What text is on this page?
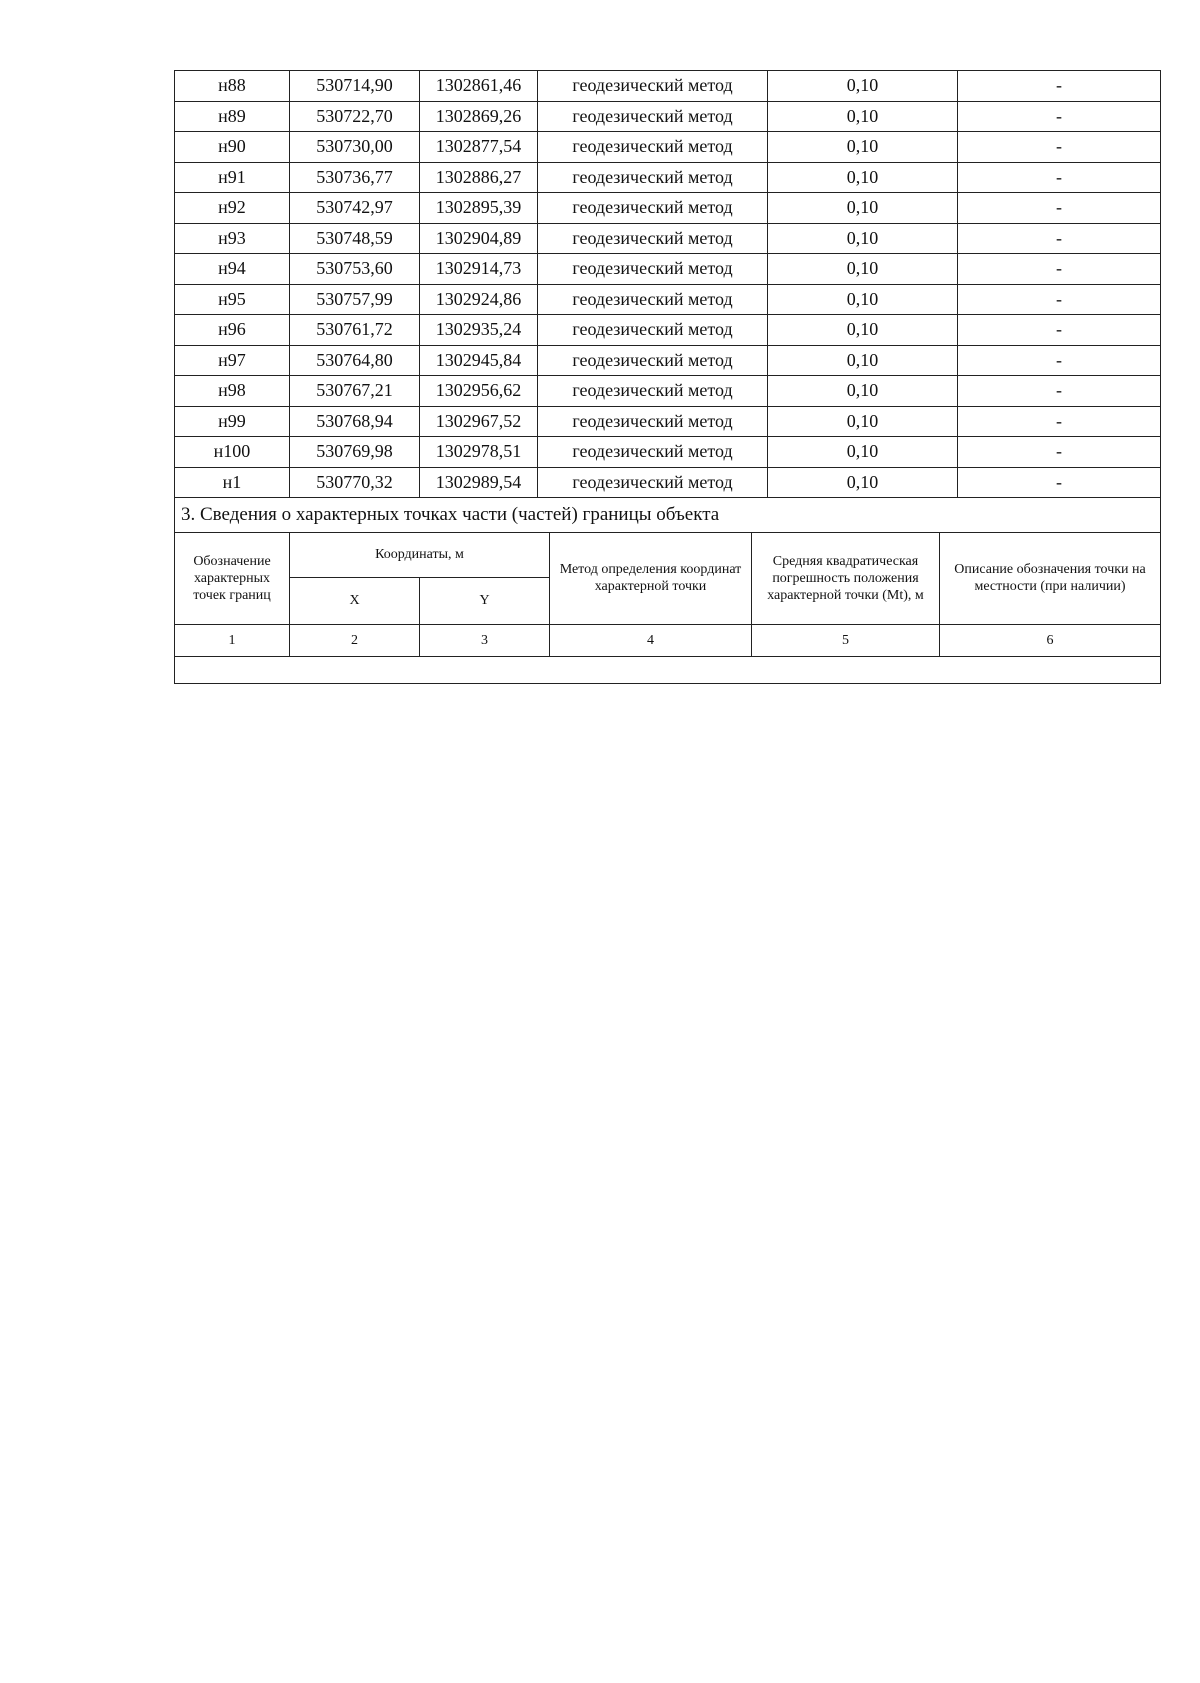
н88	530714,90	1302861,46	геодезический метод	0,10	-
н89	530722,70	1302869,26	геодезический метод	0,10	-
н90	530730,00	1302877,54	геодезический метод	0,10	-
н91	530736,77	1302886,27	геодезический метод	0,10	-
н92	530742,97	1302895,39	геодезический метод	0,10	-
н93	530748,59	1302904,89	геодезический метод	0,10	-
н94	530753,60	1302914,73	геодезический метод	0,10	-
н95	530757,99	1302924,86	геодезический метод	0,10	-
н96	530761,72	1302935,24	геодезический метод	0,10	-
н97	530764,80	1302945,84	геодезический метод	0,10	-
н98	530767,21	1302956,62	геодезический метод	0,10	-
н99	530768,94	1302967,52	геодезический метод	0,10	-
н100	530769,98	1302978,51	геодезический метод	0,10	-
н1	530770,32	1302989,54	геодезический метод	0,10	-
3. Сведения о характерных точках части (частей) границы объекта					
Обозначение характерных точек границ	Координаты, м		Метод определения координат характерной точки	Средняя квадратическая погрешность положения характерной точки (Mt), м	Описание обозначения точки на местности (при наличии)
	X	Y			
1	2	3	4	5	6
